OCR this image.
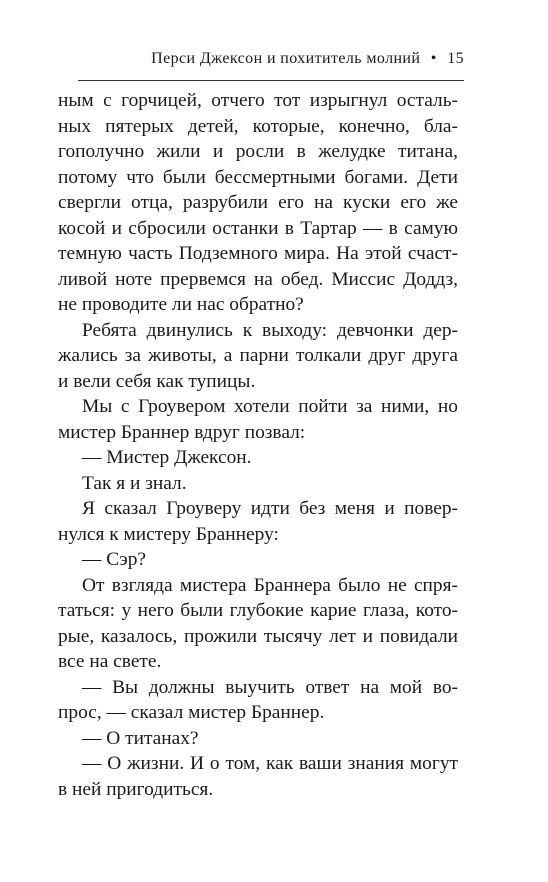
Перси Джексон и похититель молний • 15
ным с горчицей, отчего тот изрыгнул осталь-
ных пятерых детей, которые, конечно, бла-
гополучно жили и росли в желудке титана,
потому что были бессмертными богами. Дети
свергли отца, разрубили его на куски его же
косой и сбросили останки в Тартар — в самую
темную часть Подземного мира. На этой счаст-
ливой ноте прервемся на обед. Миссис Доддз,
не проводите ли нас обратно?
Ребята двинулись к выходу: девчонки дер-
жались за животы, а парни толкали друг друга
и вели себя как тупицы.
Мы с Гроувером хотели пойти за ними, но
мистер Браннер вдруг позвал:
— Мистер Джексон.
Так я и знал.
Я сказал Гроуверу идти без меня и повер-
нулся к мистеру Браннеру:
— Сэр?
От взгляда мистера Браннера было не спря-
таться: у него были глубокие карие глаза, кото-
рые, казалось, прожили тысячу лет и повидали
все на свете.
— Вы должны выучить ответ на мой во-
прос, — сказал мистер Браннер.
— О титанах?
— О жизни. И о том, как ваши знания могут
в ней пригодиться.
